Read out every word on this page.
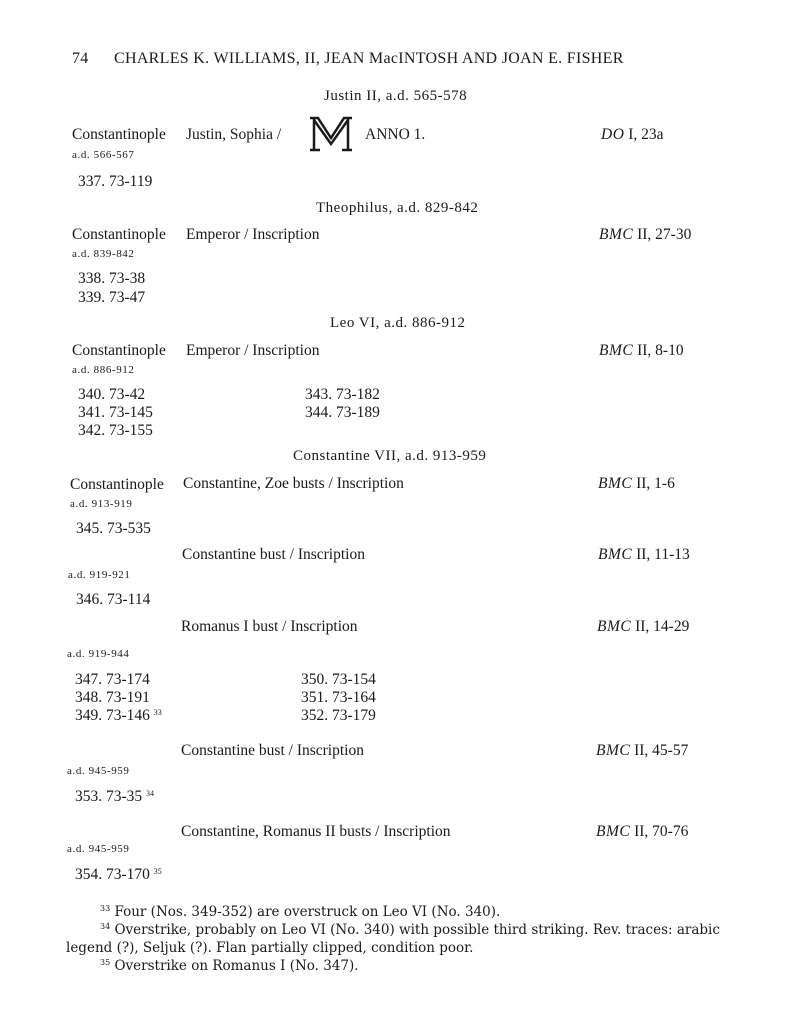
74 CHARLES K. WILLIAMS, II, JEAN MacINTOSH AND JOAN E. FISHER
Justin II, a.d. 565-578
Constantinople
a.d. 566-567
Justin, Sophia /	ANNO 1.	DO I, 23a
337. 73-119
Theophilus, a.d. 829-842
Constantinople
a.d. 839-842
Emperor / Inscription	BMC II, 27-30
338. 73-38
339. 73-47
Leo VI, a.d. 886-912
Constantinople
a.d. 886-912
Emperor / Inscription	BMC II, 8-10
340. 73-42
341. 73-145
342. 73-155
343. 73-182
344. 73-189
Constantine VII, a.d. 913-959
Constantinople
a.d. 913-919
Constantine, Zoe busts / Inscription	BMC II, 1-6
345. 73-535
Constantine bust / Inscription	BMC II, 11-13
a.d. 919-921
346. 73-114
Romanus I bust / Inscription	BMC II, 14-29
a.d. 919-944
347. 73-174
348. 73-191
349. 73-146 $^{33}$
350. 73-154
351. 73-164
352. 73-179
Constantine bust / Inscription	BMC II, 45-57
a.d. 945-959
353. 73-35 $^{34}$
Constantine, Romanus II busts / Inscription	BMC II, 70-76
a.d. 945-959
354. 73-170 $^{35}$
$^{33}$ Four (Nos. 349-352) are overstruck on Leo VI (No. 340).
$^{34}$ Overstrike, probably on Leo VI (No. 340) with possible third striking. Rev. traces: arabic
legend (?), Seljuk (?). Flan partially clipped, condition poor.
$^{35}$ Overstrike on Romanus I (No. 347).
